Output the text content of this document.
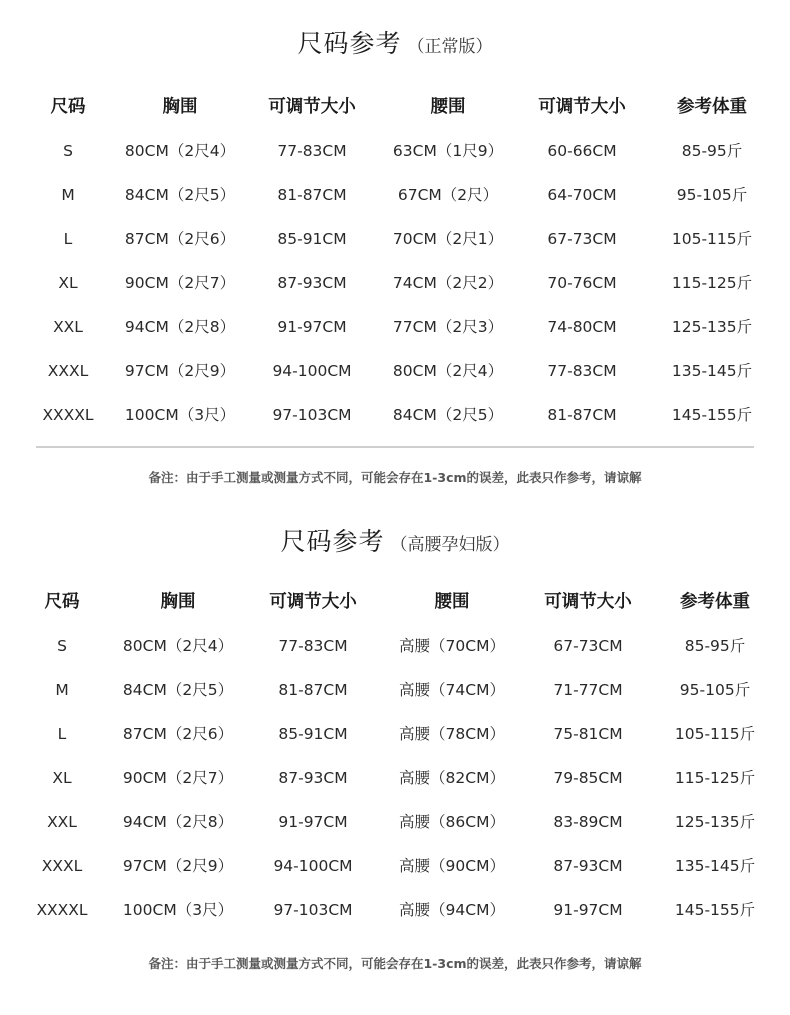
尺码参考 （正常版）
尺码	胸围	可调节大小	腰围	可调节大小	参考体重
S	80CM（2尺4）	77-83CM	63CM（1尺9）	60-66CM	85-95斤
M	84CM（2尺5）	81-87CM	67CM（2尺）	64-70CM	95-105斤
L	87CM（2尺6）	85-91CM	70CM（2尺1）	67-73CM	105-115斤
XL	90CM（2尺7）	87-93CM	74CM（2尺2）	70-76CM	115-125斤
XXL	94CM（2尺8）	91-97CM	77CM（2尺3）	74-80CM	125-135斤
XXXL	97CM（2尺9）	94-100CM	80CM（2尺4）	77-83CM	135-145斤
XXXXL	100CM（3尺）	97-103CM	84CM（2尺5）	81-87CM	145-155斤
备注：由于手工测量或测量方式不同，可能会存在1-3cm的误差，此表只作参考，请谅解
尺码参考 （高腰孕妇版）
尺码	胸围	可调节大小	腰围	可调节大小	参考体重
S	80CM（2尺4）	77-83CM	高腰（70CM）	67-73CM	85-95斤
M	84CM（2尺5）	81-87CM	高腰（74CM）	71-77CM	95-105斤
L	87CM（2尺6）	85-91CM	高腰（78CM）	75-81CM	105-115斤
XL	90CM（2尺7）	87-93CM	高腰（82CM）	79-85CM	115-125斤
XXL	94CM（2尺8）	91-97CM	高腰（86CM）	83-89CM	125-135斤
XXXL	97CM（2尺9）	94-100CM	高腰（90CM）	87-93CM	135-145斤
XXXXL	100CM（3尺）	97-103CM	高腰（94CM）	91-97CM	145-155斤
备注：由于手工测量或测量方式不同，可能会存在1-3cm的误差，此表只作参考，请谅解
